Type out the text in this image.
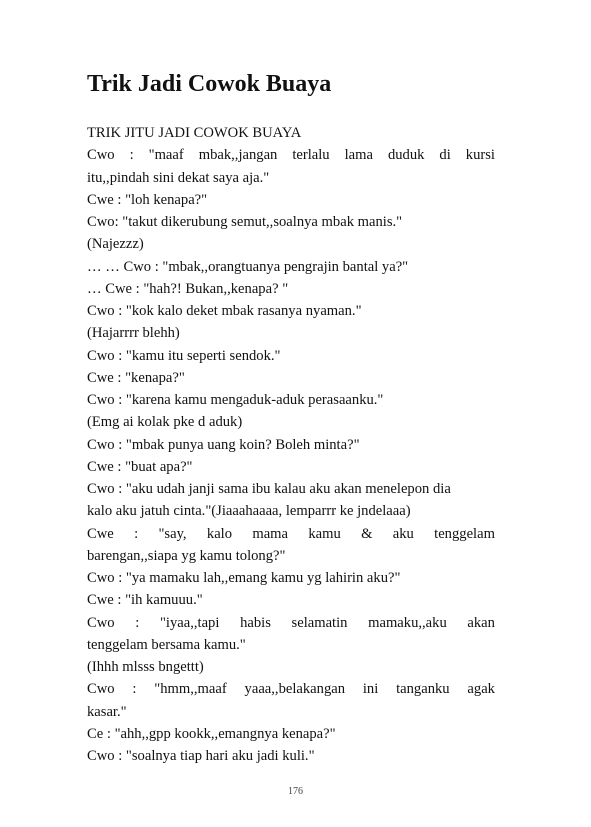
Trik Jadi Cowok Buaya
TRIK JITU JADI COWOK BUAYA
Cwo : "maaf mbak,,jangan terlalu lama duduk di kursi
itu,,pindah sini dekat saya aja."
Cwe : "loh kenapa?"
Cwo: "takut dikerubung semut,,soalnya mbak manis."
(Najezzz)
… … Cwo : "mbak,,orangtuanya pengrajin bantal ya?"
… Cwe : "hah?! Bukan,,kenapa? "
Cwo : "kok kalo deket mbak rasanya nyaman."
(Hajarrrr blehh)
Cwo : "kamu itu seperti sendok."
Cwe : "kenapa?"
Cwo : "karena kamu mengaduk-aduk perasaanku."
(Emg ai kolak pke d aduk)
Cwo : "mbak punya uang koin? Boleh minta?"
Cwe : "buat apa?"
Cwo : "aku udah janji sama ibu kalau aku akan menelepon dia
kalo aku jatuh cinta."(Jiaaahaaaa, lemparrr ke jndelaaa)
Cwe : "say, kalo mama kamu & aku tenggelam
barengan,,siapa yg kamu tolong?"
Cwo : "ya mamaku lah,,emang kamu yg lahirin aku?"
Cwe : "ih kamuuu."
Cwo : "iyaa,,tapi habis selamatin mamaku,,aku akan
tenggelam bersama kamu."
(Ihhh mlsss bngettt)
Cwo : "hmm,,maaf yaaa,,belakangan ini tanganku agak
kasar."
Ce : "ahh,,gpp kookk,,emangnya kenapa?"
Cwo : "soalnya tiap hari aku jadi kuli."
176
